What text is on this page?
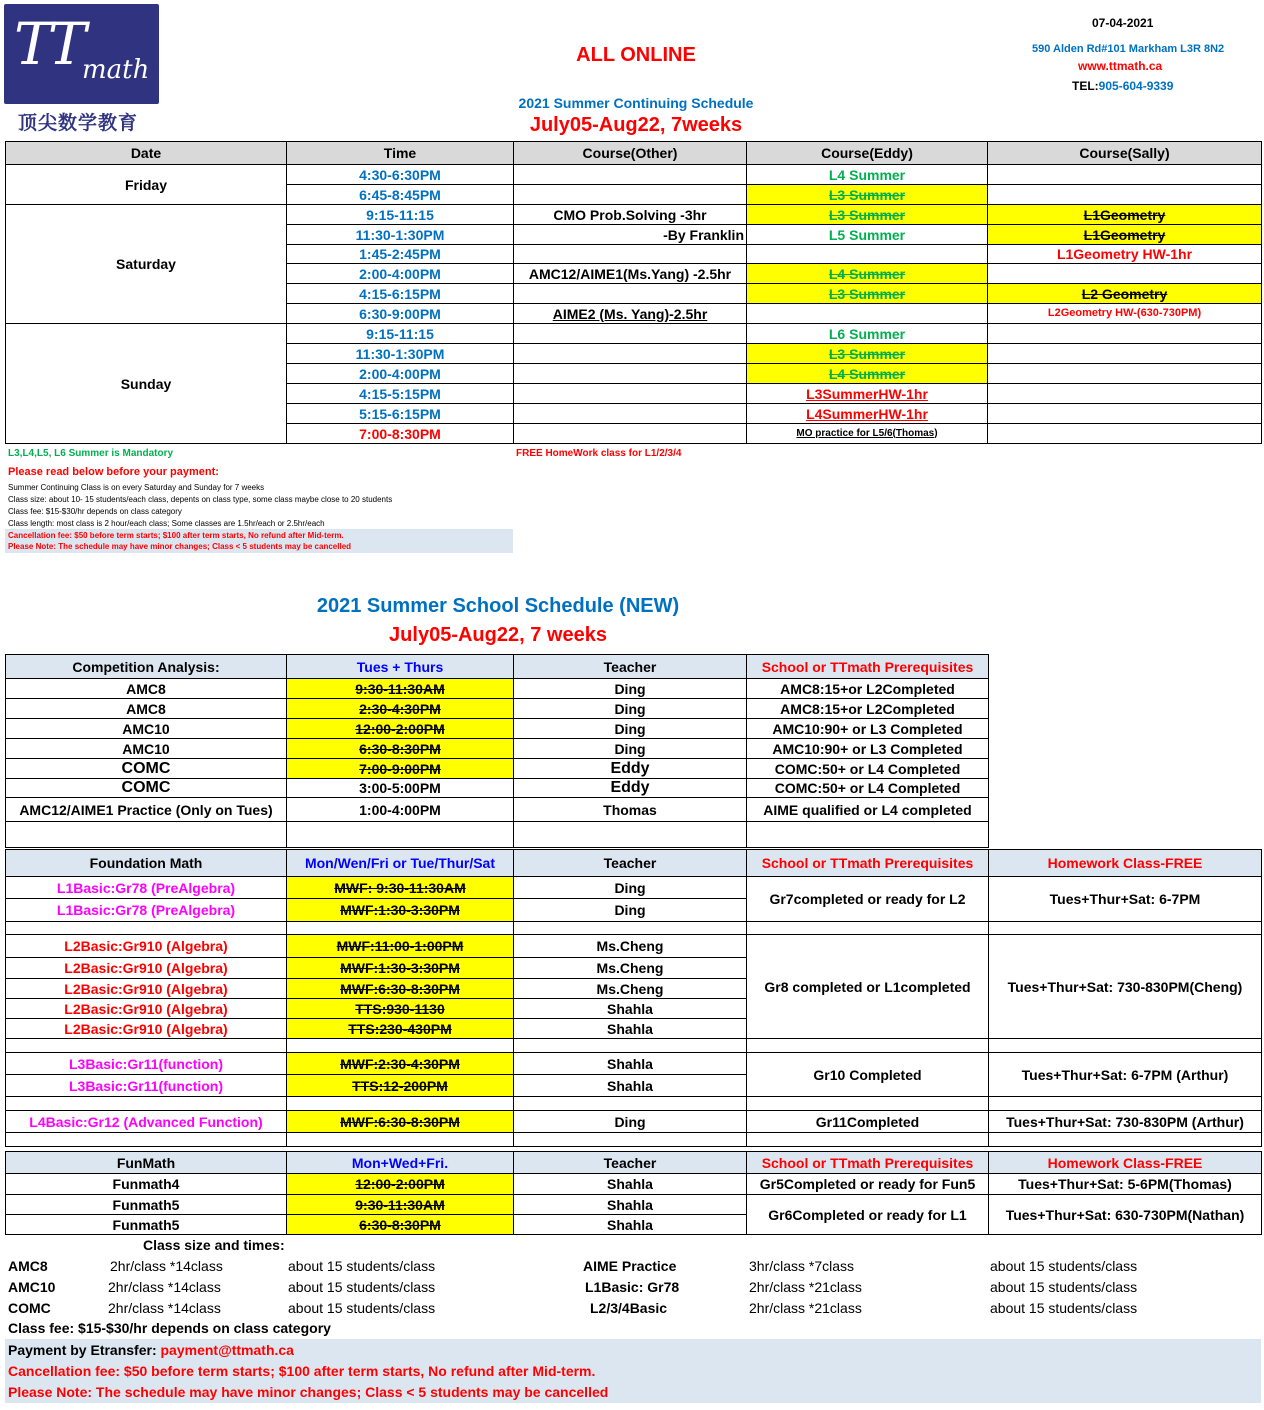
TT math
顶尖数学教育
07-04-2021
590 Alden Rd#101 Markham L3R 8N2
www.ttmath.ca
TEL:905-604-9339
ALL ONLINE
2021 Summer Continuing Schedule
July05-Aug22, 7weeks
Date	Time	Course(Other)	Course(Eddy)	Course(Sally)
Friday	4:30-6:30PM		L4 Summer	
	6:45-8:45PM		L3 Summer	
Saturday	9:15-11:15	CMO Prob.Solving -3hr	L3 Summer	L1Geometry
	11:30-1:30PM	-By Franklin	L5 Summer	L1Geometry
	1:45-2:45PM			L1Geometry HW-1hr
	2:00-4:00PM	AMC12/AIME1(Ms.Yang) -2.5hr	L4 Summer	
	4:15-6:15PM		L3 Summer	L2 Geometry
	6:30-9:00PM	AIME2 (Ms. Yang)-2.5hr		L2Geometry HW-(630-730PM)
Sunday	9:15-11:15		L6 Summer	
	11:30-1:30PM		L3 Summer	
	2:00-4:00PM		L4 Summer	
	4:15-5:15PM		L3SummerHW-1hr	
	5:15-6:15PM		L4SummerHW-1hr	
	7:00-8:30PM		MO practice for L5/6(Thomas)	
L3,L4,L5, L6 Summer is Mandatory	FREE HomeWork class for L1/2/3/4
Please read below before your payment:
Summer Continuing Class is on every Saturday and Sunday for 7 weeks
Class size: about 10- 15 students/each class, depents on class type, some class maybe close to 20 students
Class fee: $15-$30/hr depends on class category
Class length: most class is 2 hour/each class; Some classes are 1.5hr/each or 2.5hr/each
Cancellation fee: $50 before term starts; $100 after term starts, No refund after Mid-term.
Please Note: The schedule may have minor changes; Class < 5 students may be cancelled
2021 Summer School Schedule (NEW)
July05-Aug22, 7 weeks
Competition Analysis:	Tues + Thurs	Teacher	School or TTmath Prerequisites
AMC8	9:30-11:30AM	Ding	AMC8:15+or L2Completed
AMC8	2:30-4:30PM	Ding	AMC8:15+or L2Completed
AMC10	12:00-2:00PM	Ding	AMC10:90+ or L3 Completed
AMC10	6:30-8:30PM	Ding	AMC10:90+ or L3 Completed
COMC	7:00-9:00PM	Eddy	COMC:50+ or L4 Completed
COMC	3:00-5:00PM	Eddy	COMC:50+ or L4 Completed
AMC12/AIME1 Practice (Only on Tues)	1:00-4:00PM	Thomas	AIME qualified or L4 completed

Foundation Math	Mon/Wen/Fri or Tue/Thur/Sat	Teacher	School or TTmath Prerequisites	Homework Class-FREE
L1Basic:Gr78 (PreAlgebra)	MWF: 9:30-11:30AM	Ding	Gr7completed or ready for L2	Tues+Thur+Sat: 6-7PM
L1Basic:Gr78 (PreAlgebra)	MWF:1:30-3:30PM	Ding		

L2Basic:Gr910 (Algebra)	MWF:11:00-1:00PM	Ms.Cheng	Gr8 completed or L1completed	Tues+Thur+Sat: 730-830PM(Cheng)
L2Basic:Gr910 (Algebra)	MWF:1:30-3:30PM	Ms.Cheng		
L2Basic:Gr910 (Algebra)	MWF:6:30-8:30PM	Ms.Cheng		
L2Basic:Gr910 (Algebra)	TTS:930-1130	Shahla		
L2Basic:Gr910 (Algebra)	TTS:230-430PM	Shahla		

L3Basic:Gr11(function)	MWF:2:30-4:30PM	Shahla	Gr10 Completed	Tues+Thur+Sat: 6-7PM (Arthur)
L3Basic:Gr11(function)	TTS:12-200PM	Shahla		

L4Basic:Gr12 (Advanced Function)	MWF:6:30-8:30PM	Ding	Gr11Completed	Tues+Thur+Sat: 730-830PM (Arthur)

FunMath	Mon+Wed+Fri.	Teacher	School or TTmath Prerequisites	Homework Class-FREE
Funmath4	12:00-2:00PM	Shahla	Gr5Completed or ready for Fun5	Tues+Thur+Sat: 5-6PM(Thomas)
Funmath5	9:30-11:30AM	Shahla	Gr6Completed or ready for L1	Tues+Thur+Sat: 630-730PM(Nathan)
Funmath5	6:30-8:30PM	Shahla		
Class size and times:
AMC8	2hr/class *14class	about 15 students/class	AIME Practice	3hr/class *7class	about 15 students/class
AMC10	2hr/class *14class	about 15 students/class	L1Basic: Gr78	2hr/class *21class	about 15 students/class
COMC	2hr/class *14class	about 15 students/class	L2/3/4Basic	2hr/class *21class	about 15 students/class
Class fee: $15-$30/hr depends on class category
Payment by Etransfer: payment@ttmath.ca
Cancellation fee: $50 before term starts; $100 after term starts, No refund after Mid-term.
Please Note: The schedule may have minor changes; Class < 5 students may be cancelled
